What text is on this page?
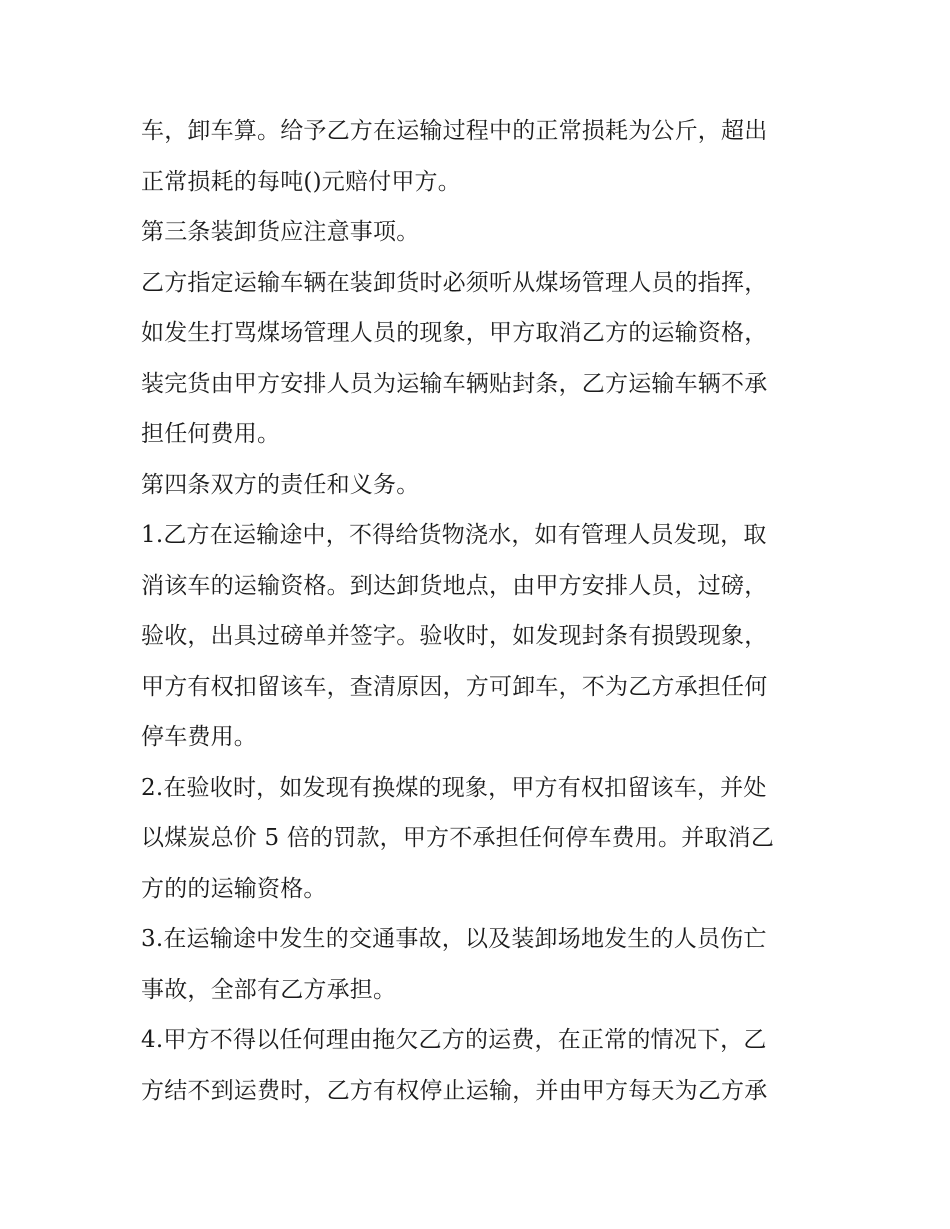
车，卸车算。给予乙方在运输过程中的正常损耗为公斤，超出
正常损耗的每吨()元赔付甲方。
第三条装卸货应注意事项。
乙方指定运输车辆在装卸货时必须听从煤场管理人员的指挥，
如发生打骂煤场管理人员的现象，甲方取消乙方的运输资格，
装完货由甲方安排人员为运输车辆贴封条，乙方运输车辆不承
担任何费用。
第四条双方的责任和义务。
1.乙方在运输途中，不得给货物浇水，如有管理人员发现，取
消该车的运输资格。到达卸货地点，由甲方安排人员，过磅，
验收，出具过磅单并签字。验收时，如发现封条有损毁现象，
甲方有权扣留该车，查清原因，方可卸车，不为乙方承担任何
停车费用。
2.在验收时，如发现有换煤的现象，甲方有权扣留该车，并处
以煤炭总价 5 倍的罚款，甲方不承担任何停车费用。并取消乙
方的的运输资格。
3.在运输途中发生的交通事故，以及装卸场地发生的人员伤亡
事故，全部有乙方承担。
4.甲方不得以任何理由拖欠乙方的运费，在正常的情况下，乙
方结不到运费时，乙方有权停止运输，并由甲方每天为乙方承
